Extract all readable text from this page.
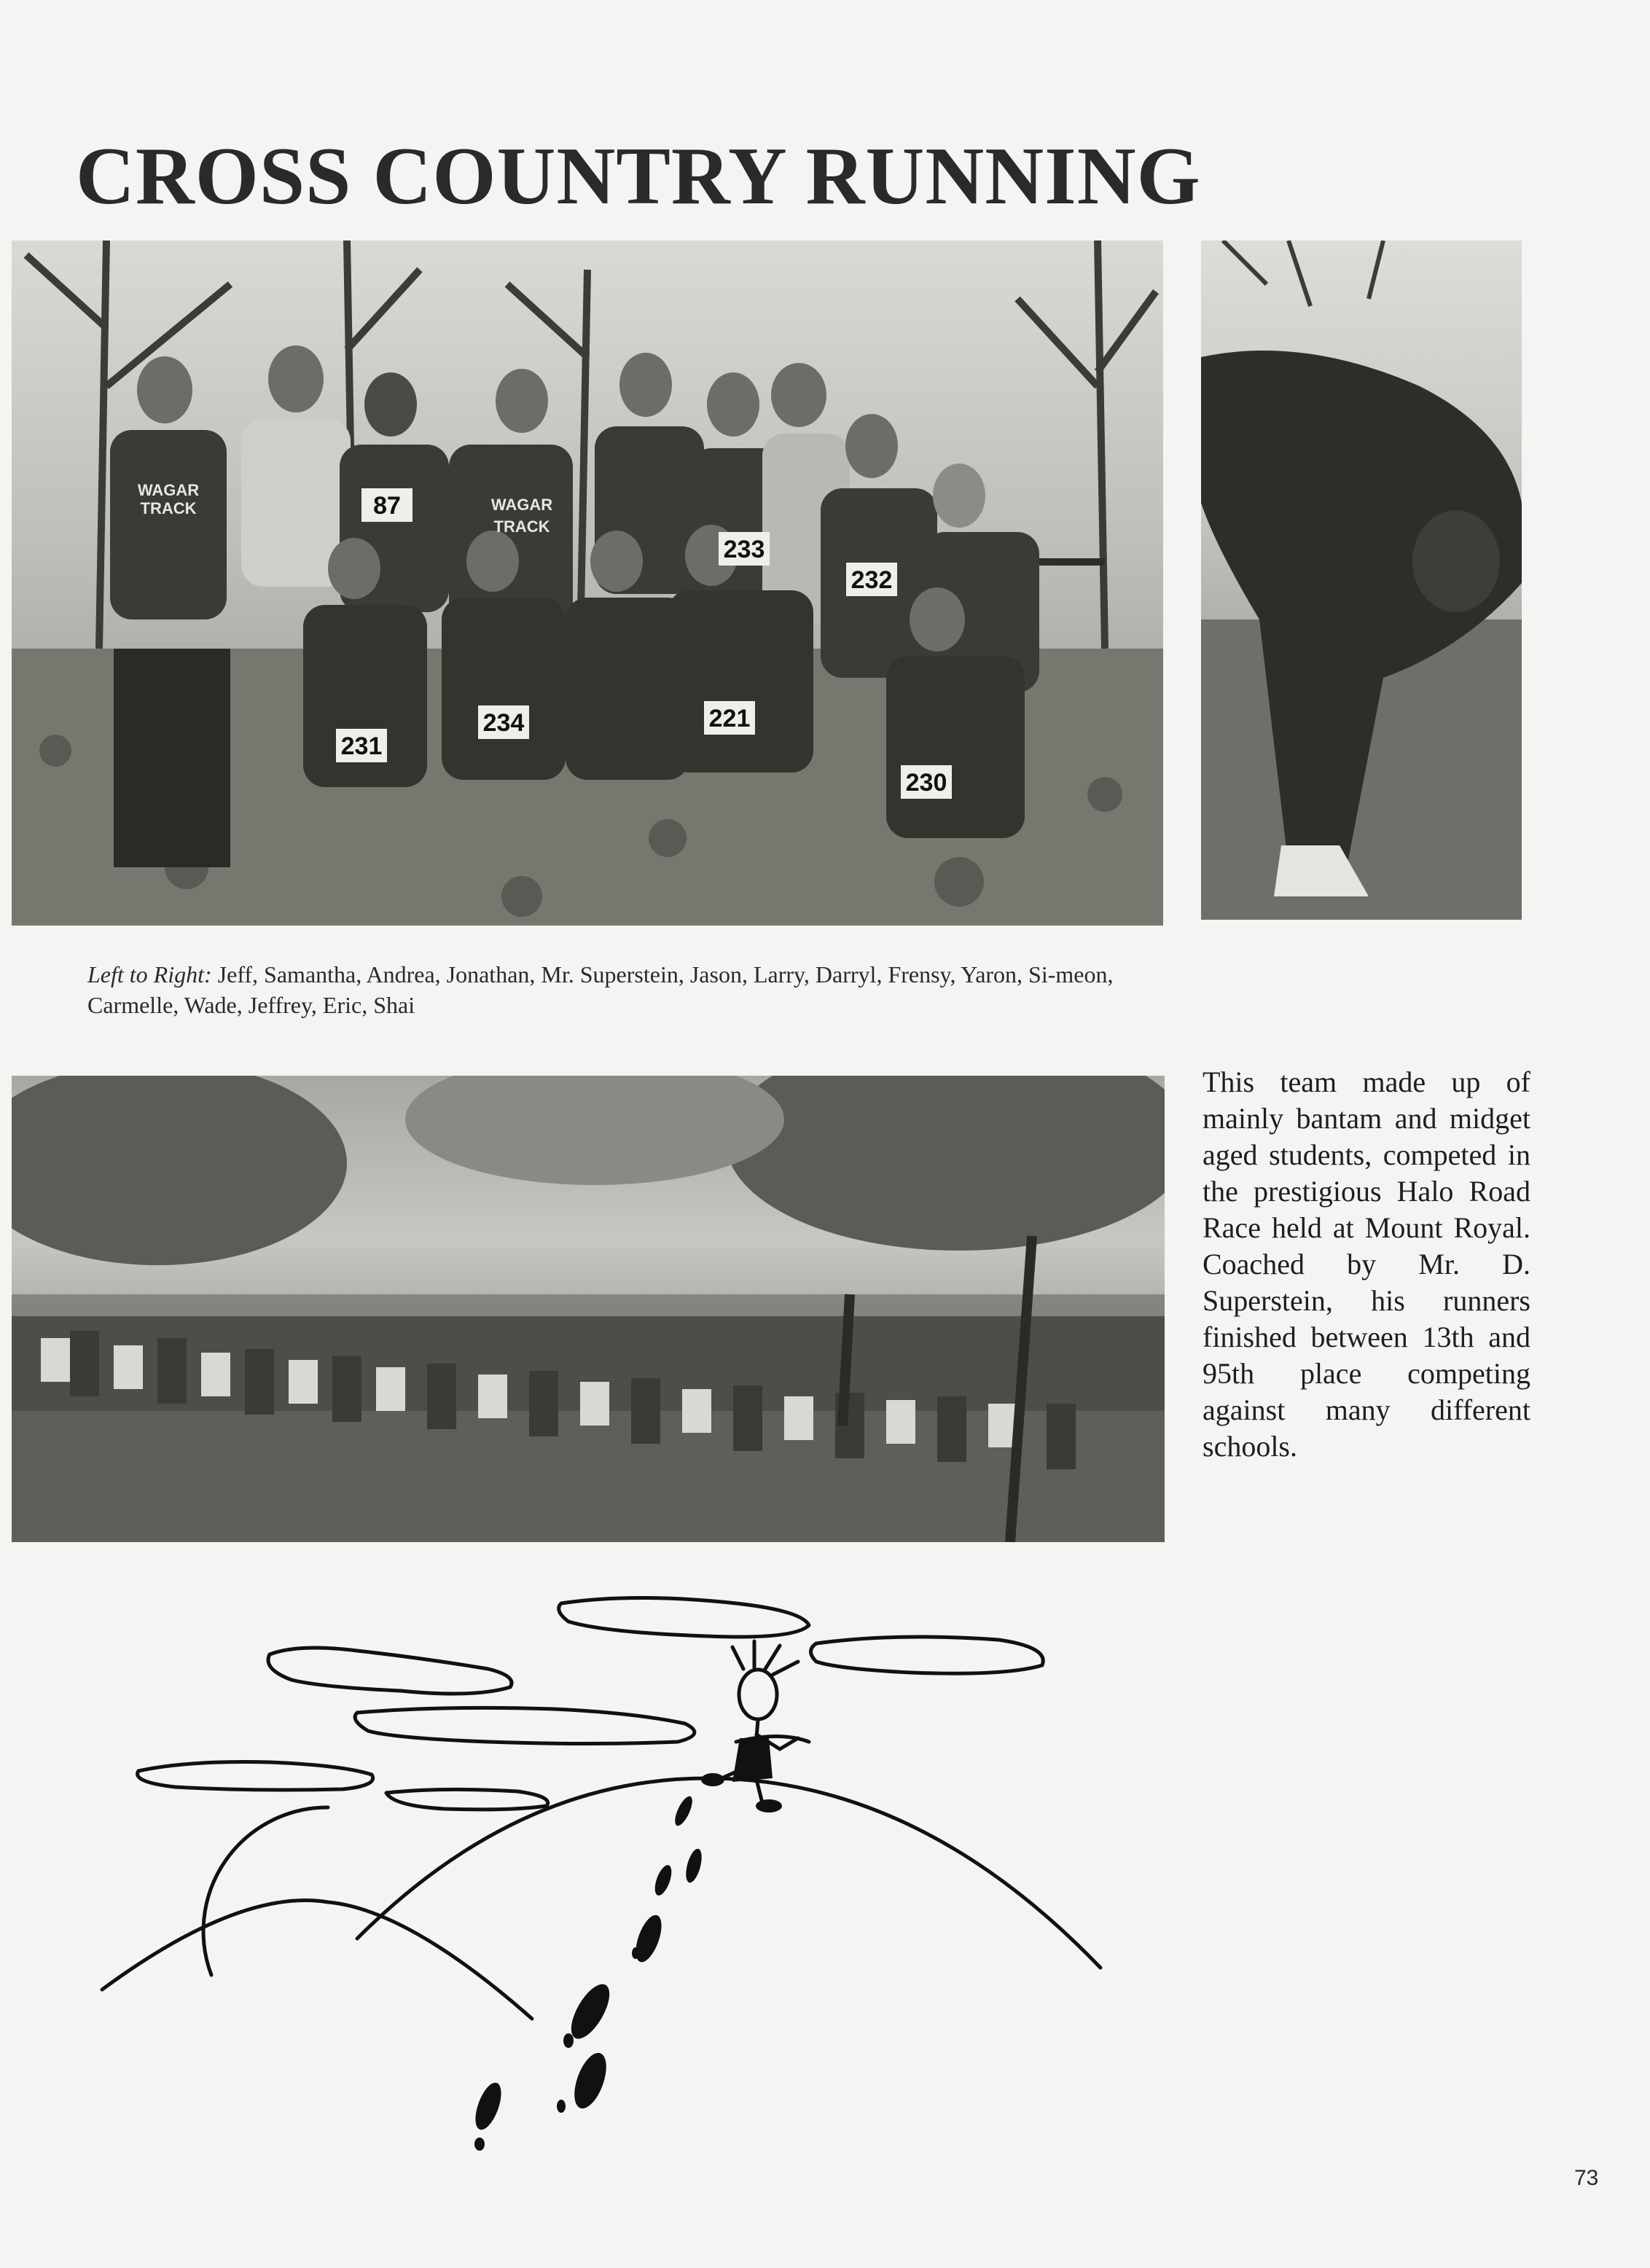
CROSS COUNTRY RUNNING
87
233
232
234	221
231
230
WAGAR
TRACK	WAGAR
TRACK

Left to Right: Jeff, Samantha, Andrea, Jonathan, Mr. Superstein, Jason, Larry, Darryl, Frensy, Yaron, Si-meon, Carmelle, Wade, Jeffrey, Eric, Shai

This team made up of mainly bantam and midget aged students, competed in the prestigious Halo Road Race held at Mount Royal. Coached by Mr. D. Superstein, his runners finished between 13th and 95th place competing against many different schools.

73
